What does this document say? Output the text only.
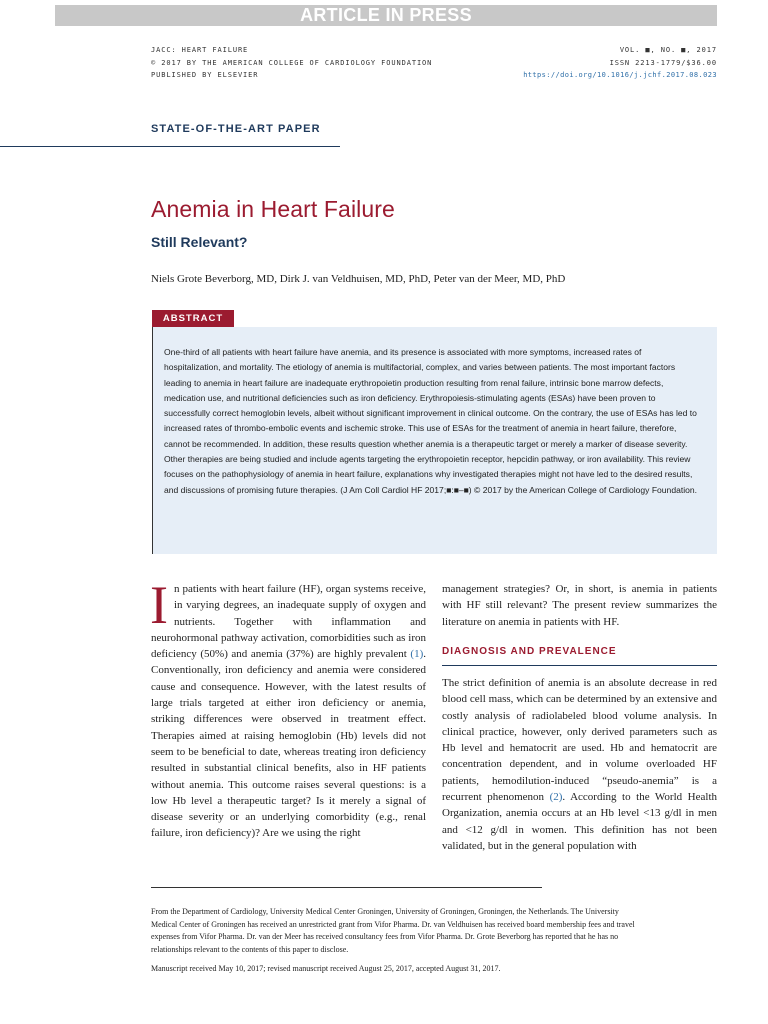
ARTICLE IN PRESS
JACC: HEART FAILURE
© 2017 BY THE AMERICAN COLLEGE OF CARDIOLOGY FOUNDATION
PUBLISHED BY ELSEVIER
VOL. ■, NO. ■, 2017
ISSN 2213-1779/$36.00
https://doi.org/10.1016/j.jchf.2017.08.023
STATE-OF-THE-ART PAPER
Anemia in Heart Failure
Still Relevant?
Niels Grote Beverborg, MD, Dirk J. van Veldhuisen, MD, PhD, Peter van der Meer, MD, PhD
ABSTRACT

One-third of all patients with heart failure have anemia, and its presence is associated with more symptoms, increased rates of hospitalization, and mortality. The etiology of anemia is multifactorial, complex, and varies between patients. The most important factors leading to anemia in heart failure are inadequate erythropoietin production resulting from renal failure, intrinsic bone marrow defects, medication use, and nutritional deficiencies such as iron deficiency. Erythropoiesis-stimulating agents (ESAs) have been proven to successfully correct hemoglobin levels, albeit without significant improvement in clinical outcome. On the contrary, the use of ESAs has led to increased rates of thrombo-embolic events and ischemic stroke. This use of ESAs for the treatment of anemia in heart failure, therefore, cannot be recommended. In addition, these results question whether anemia is a therapeutic target or merely a marker of disease severity. Other therapies are being studied and include agents targeting the erythropoietin receptor, hepcidin pathway, or iron availability. This review focuses on the pathophysiology of anemia in heart failure, explanations why investigated therapies might not have led to the desired results, and discussions of promising future therapies. (J Am Coll Cardiol HF 2017;■:■–■) © 2017 by the American College of Cardiology Foundation.

In patients with heart failure (HF), organ systems receive, in varying degrees, an inadequate supply of oxygen and nutrients. Together with inflammation and neurohormonal pathway activation, comorbidities such as iron deficiency (50%) and anemia (37%) are highly prevalent (1). Conventionally, iron deficiency and anemia were considered cause and consequence. However, with the latest results of large trials targeted at either iron deficiency or anemia, striking differences were observed in treatment effect. Therapies aimed at raising hemoglobin (Hb) levels did not seem to be beneficial to date, whereas treating iron deficiency resulted in substantial clinical benefits, also in HF patients without anemia. This outcome raises several questions: is a low Hb level a therapeutic target? Is it merely a signal of disease severity or an underlying comorbidity (e.g., renal failure, iron deficiency)? Are we using the right

management strategies? Or, in short, is anemia in patients with HF still relevant? The present review summarizes the literature on anemia in patients with HF.

DIAGNOSIS AND PREVALENCE

The strict definition of anemia is an absolute decrease in red blood cell mass, which can be determined by an extensive and costly analysis of radiolabeled blood volume analysis. In clinical practice, however, only derived parameters such as Hb level and hematocrit are used. Hb and hematocrit are concentration dependent, and in volume overloaded HF patients, hemodilution-induced “pseudo-anemia” is a recurrent phenomenon (2). According to the World Health Organization, anemia occurs at an Hb level <13 g/dl in men and <12 g/dl in women. This definition has not been validated, but in the general population with

From the Department of Cardiology, University Medical Center Groningen, University of Groningen, Groningen, the Netherlands. The University Medical Center of Groningen has received an unrestricted grant from Vifor Pharma. Dr. van Veldhuisen has received board membership fees and travel expenses from Vifor Pharma. Dr. van der Meer has received consultancy fees from Vifor Pharma. Dr. Grote Beverborg has reported that he has no relationships relevant to the contents of this paper to disclose.

Manuscript received May 10, 2017; revised manuscript received August 25, 2017, accepted August 31, 2017.
